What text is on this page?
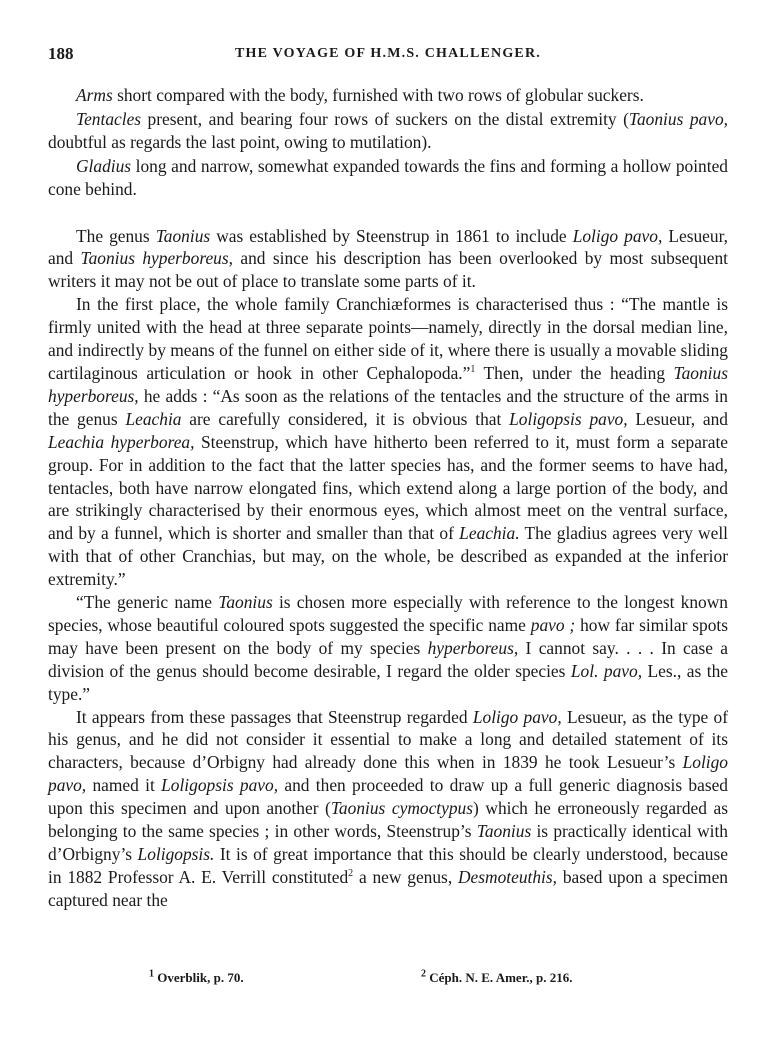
188	THE VOYAGE OF H.M.S. CHALLENGER.

Arms short compared with the body, furnished with two rows of globular suckers.

Tentacles present, and bearing four rows of suckers on the distal extremity (Taonius pavo, doubtful as regards the last point, owing to mutilation).

Gladius long and narrow, somewhat expanded towards the fins and forming a hollow pointed cone behind.

The genus Taonius was established by Steenstrup in 1861 to include Loligo pavo, Lesueur, and Taonius hyperboreus, and since his description has been overlooked by most subsequent writers it may not be out of place to translate some parts of it.

In the first place, the whole family Cranchiæformes is characterised thus : “The mantle is firmly united with the head at three separate points—namely, directly in the dorsal median line, and indirectly by means of the funnel on either side of it, where there is usually a movable sliding cartilaginous articulation or hook in other Cephalopoda.”$^1$ Then, under the heading Taonius hyperboreus, he adds : “As soon as the relations of the tentacles and the structure of the arms in the genus Leachia are carefully considered, it is obvious that Loligopsis pavo, Lesueur, and Leachia hyperborea, Steenstrup, which have hitherto been referred to it, must form a separate group. For in addition to the fact that the latter species has, and the former seems to have had, tentacles, both have narrow elongated fins, which extend along a large portion of the body, and are strikingly characterised by their enormous eyes, which almost meet on the ventral surface, and by a funnel, which is shorter and smaller than that of Leachia. The gladius agrees very well with that of other Cranchias, but may, on the whole, be described as expanded at the inferior extremity.”

“The generic name Taonius is chosen more especially with reference to the longest known species, whose beautiful coloured spots suggested the specific name pavo ; how far similar spots may have been present on the body of my species hyperboreus, I cannot say. . . . In case a division of the genus should become desirable, I regard the older species Lol. pavo, Les., as the type.”

It appears from these passages that Steenstrup regarded Loligo pavo, Lesueur, as the type of his genus, and he did not consider it essential to make a long and detailed statement of its characters, because d’Orbigny had already done this when in 1839 he took Lesueur’s Loligo pavo, named it Loligopsis pavo, and then proceeded to draw up a full generic diagnosis based upon this specimen and upon another (Taonius cymoctypus) which he erroneously regarded as belonging to the same species ; in other words, Steenstrup’s Taonius is practically identical with d’Orbigny’s Loligopsis. It is of great importance that this should be clearly understood, because in 1882 Professor A. E. Verrill constituted$^2$ a new genus, Desmoteuthis, based upon a specimen captured near the

$^1$ Overblik, p. 70.	$^2$ Céph. N. E. Amer., p. 216.
